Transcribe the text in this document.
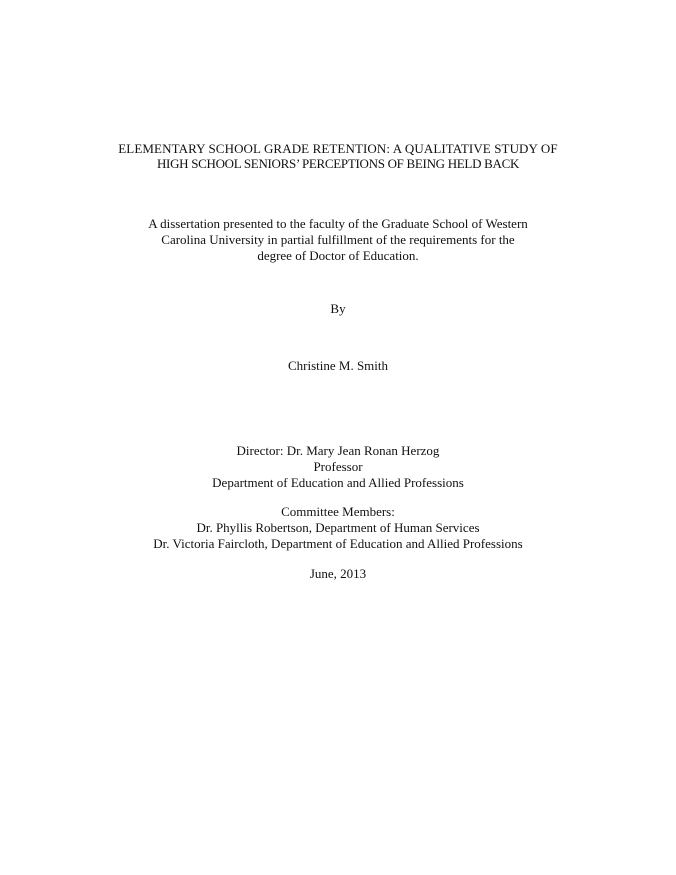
ELEMENTARY SCHOOL GRADE RETENTION: A QUALITATIVE STUDY OF
HIGH SCHOOL SENIORS’ PERCEPTIONS OF BEING HELD BACK
A dissertation presented to the faculty of the Graduate School of Western
Carolina University in partial fulfillment of the requirements for the
degree of Doctor of Education.
By
Christine M. Smith
Director: Dr. Mary Jean Ronan Herzog
Professor
Department of Education and Allied Professions
Committee Members:
Dr. Phyllis Robertson, Department of Human Services
Dr. Victoria Faircloth, Department of Education and Allied Professions
June, 2013
